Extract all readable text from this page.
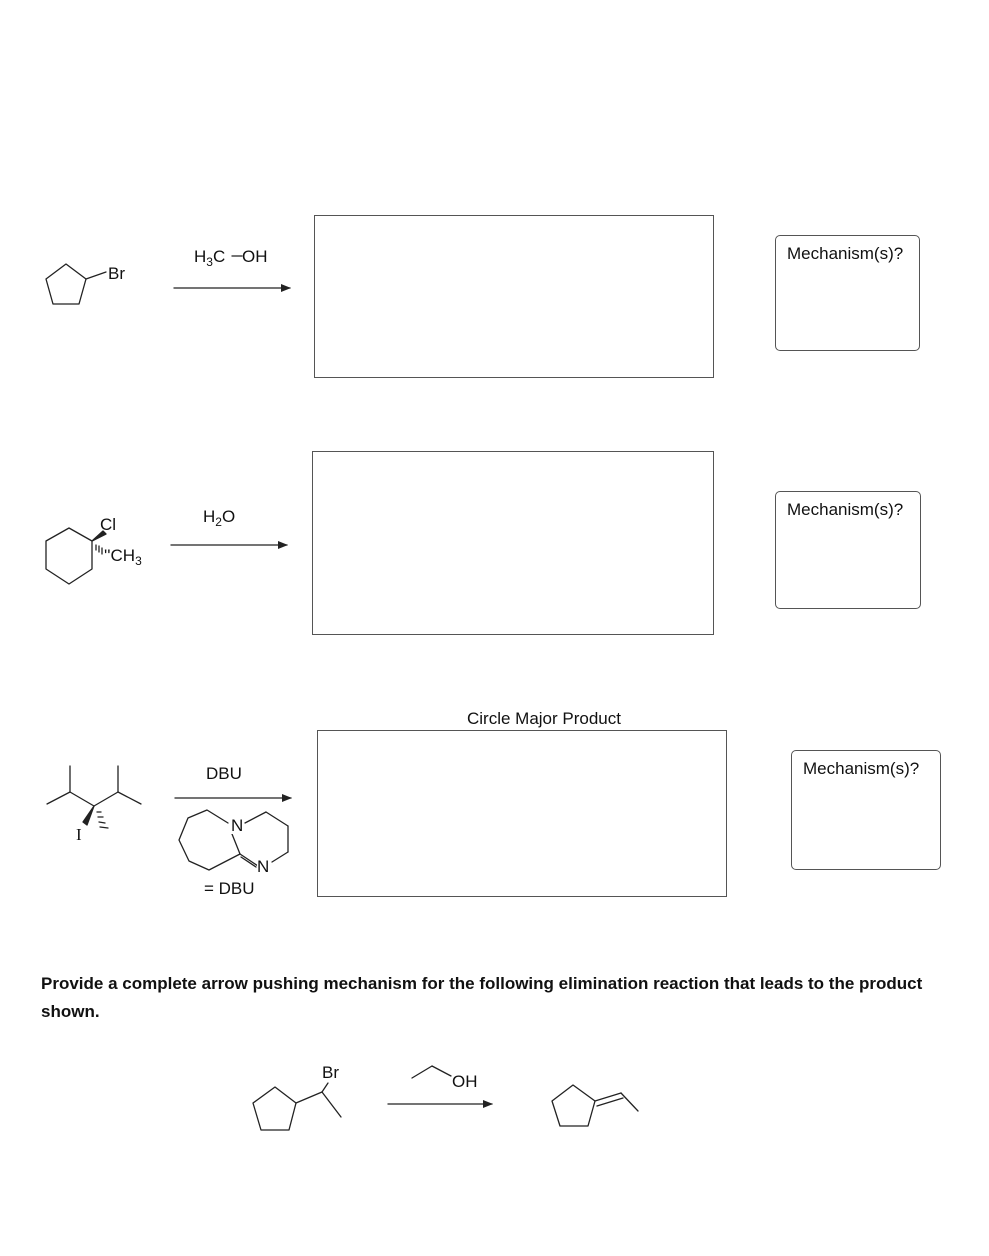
Br
$H_3C$ OH	Mechanism(s)?
Cl
''$CH_3$
$H_2O$	Mechanism(s)?
I
DBU
N
N
= DBU
Circle Major Product
Mechanism(s)?
Provide a complete arrow pushing mechanism for the following elimination reaction that leads to the product shown.
Br	OH
